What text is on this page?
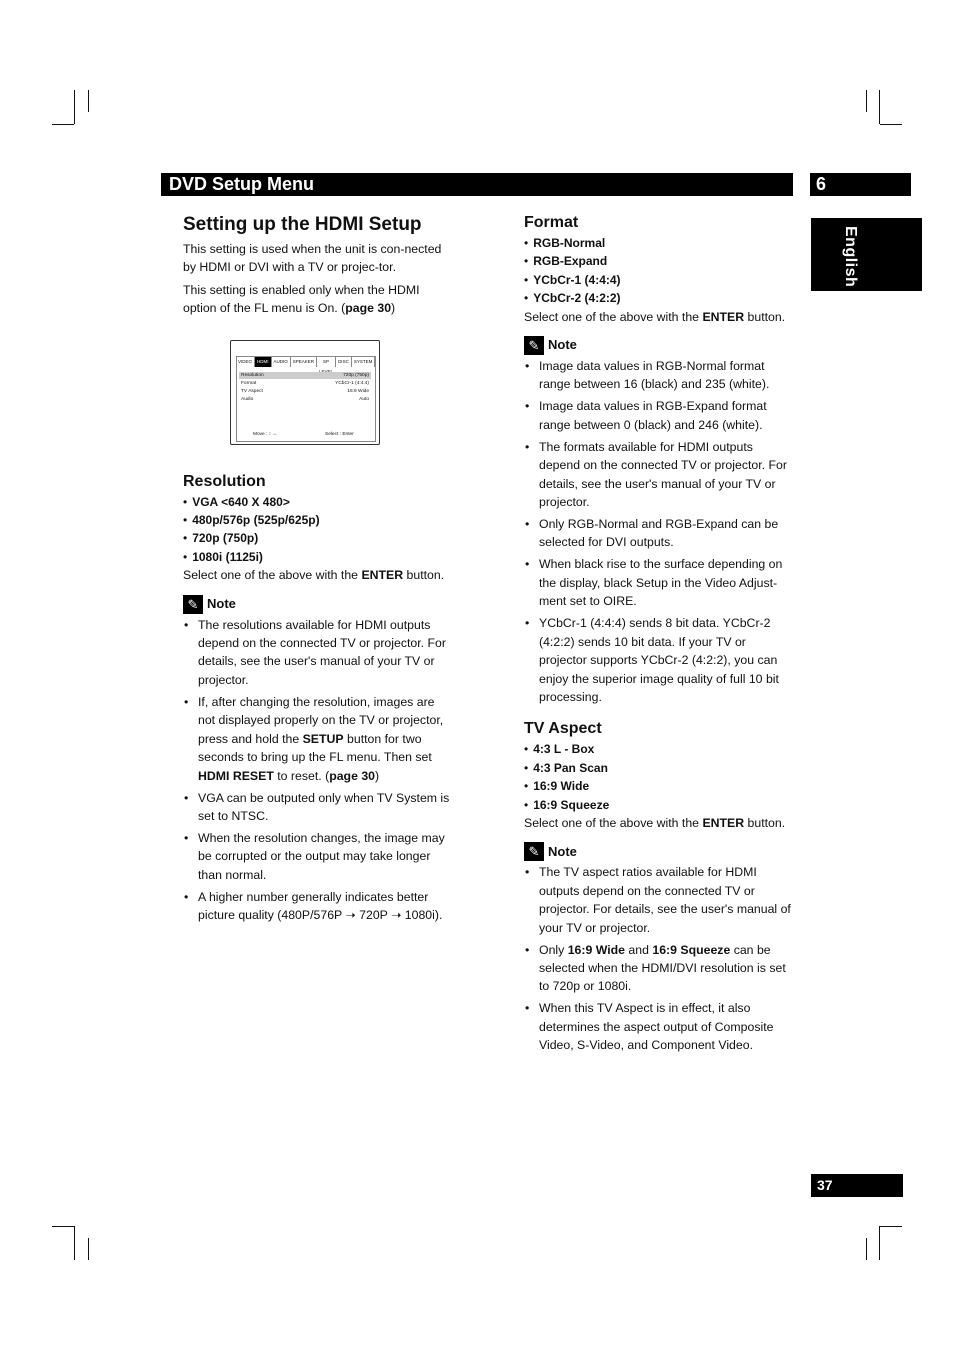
DVD Setup Menu	6
English
Setting up the HDMI Setup

This setting is used when the unit is con-nected by HDMI or DVI with a TV or projec-tor.

This setting is enabled only when the HDMI option of the FL menu is On. (page 30)

VIDEO	HDMI	AUDIO	SPEAKER	SP	DISC	SYSTEM
Resolution	720p (750p)
Format	YCbCr-1 (4:4:4)
TV Aspect	16:9 Wide
Audio	Auto
Move : ↕ ↔	Select : Enter
Resolution
• VGA <640 X 480>
• 480p/576p (525p/625p)
• 720p (750p)
• 1080i (1125i)

Select one of the above with the ENTER button.

✎ Note
• The resolutions available for HDMI outputs depend on the connected TV or projector. For details, see the user's manual of your TV or projector.
• If, after changing the resolution, images are not displayed properly on the TV or projector, press and hold the SETUP button for two seconds to bring up the FL menu. Then set HDMI RESET to reset. (page 30)
• VGA can be outputed only when TV System is set to NTSC.
• When the resolution changes, the image may be corrupted or the output may take longer than normal.
• A higher number generally indicates better picture quality (480P/576P ➝ 720P ➝ 1080i).
Format
• RGB-Normal
• RGB-Expand
• YCbCr-1 (4:4:4)
• YCbCr-2 (4:2:2)

Select one of the above with the ENTER button.

✎ Note
• Image data values in RGB-Normal format range between 16 (black) and 235 (white).
• Image data values in RGB-Expand format range between 0 (black) and 246 (white).
• The formats available for HDMI outputs depend on the connected TV or projector. For details, see the user's manual of your TV or projector.
• Only RGB-Normal and RGB-Expand can be selected for DVI outputs.
• When black rise to the surface depending on the display, black Setup in the Video Adjust-ment set to OIRE.
• YCbCr-1 (4:4:4) sends 8 bit data. YCbCr-2 (4:2:2) sends 10 bit data. If your TV or projector supports YCbCr-2 (4:2:2), you can enjoy the superior image quality of full 10 bit processing.
TV Aspect
• 4:3 L - Box
• 4:3 Pan Scan
• 16:9 Wide
• 16:9 Squeeze

Select one of the above with the ENTER button.

✎ Note
• The TV aspect ratios available for HDMI outputs depend on the connected TV or projector. For details, see the user's manual of your TV or projector.
• Only 16:9 Wide and 16:9 Squeeze can be selected when the HDMI/DVI resolution is set to 720p or 1080i.
• When this TV Aspect is in effect, it also determines the aspect output of Composite Video, S-Video, and Component Video.
37
